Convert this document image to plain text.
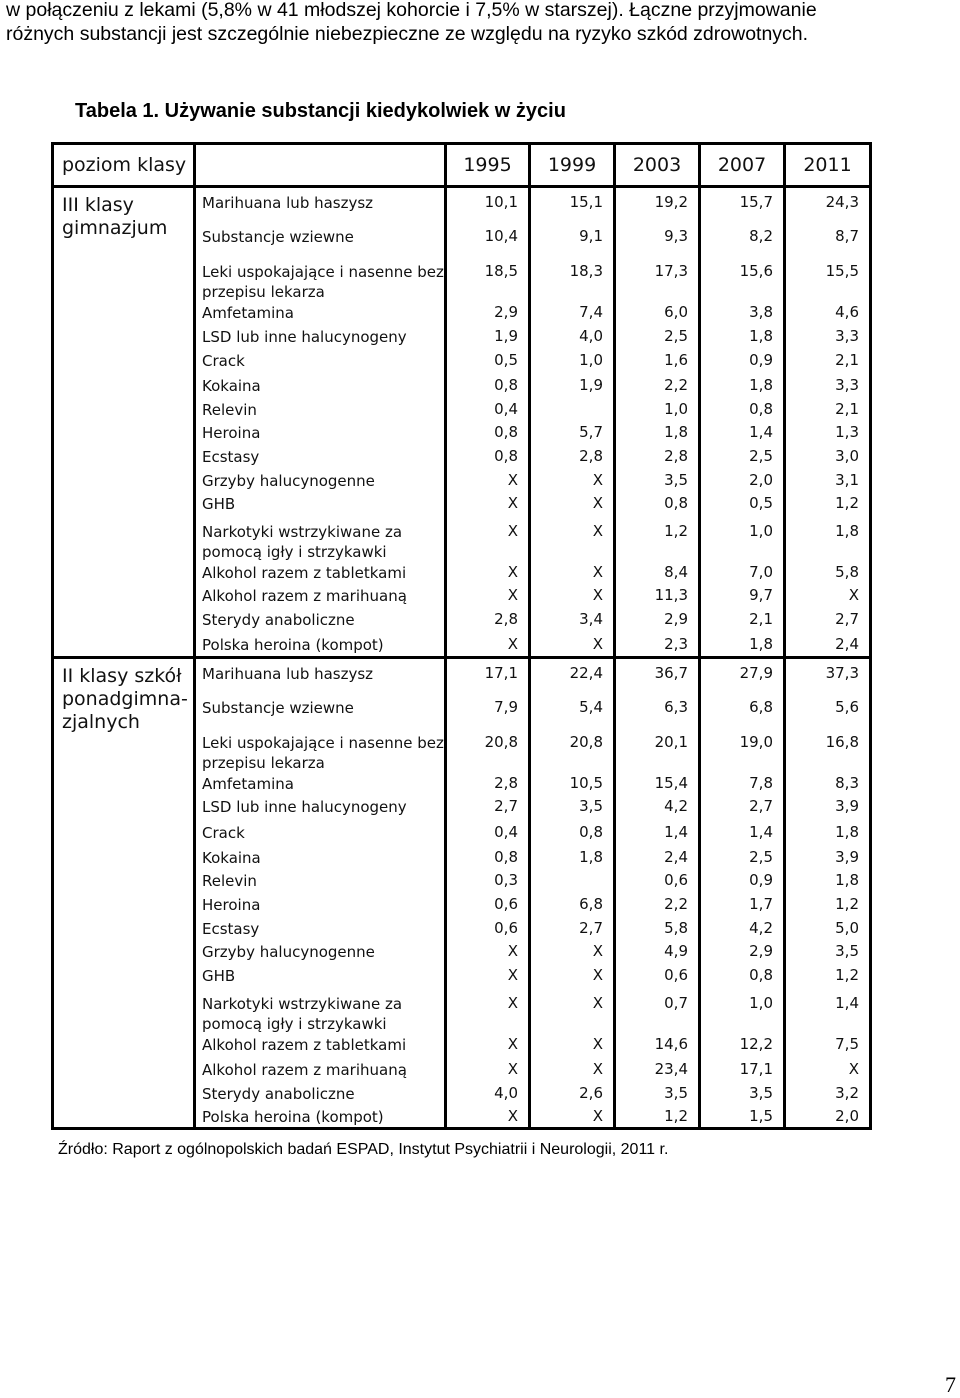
w połączeniu z lekami (5,8% w 41 młodszej kohorcie i 7,5% w starszej). Łączne przyjmowanie

różnych substancji jest szczególnie niebezpieczne ze względu na ryzyko szkód zdrowotnych.

Tabela 1. Używanie substancji kiedykolwiek w życiu
poziom klasy		1995	1999	2003	2007	2011
III klasy gimnazjum	Marihuana lub haszysz	10,1	15,1	19,2	15,7	24,3
	Substancje wziewne	10,4	9,1	9,3	8,2	8,7
	Leki uspokajające i nasenne bez przepisu lekarza	18,5	18,3	17,3	15,6	15,5
	Amfetamina	2,9	7,4	6,0	3,8	4,6
	LSD lub inne halucynogeny	1,9	4,0	2,5	1,8	3,3
	Crack	0,5	1,0	1,6	0,9	2,1
	Kokaina	0,8	1,9	2,2	1,8	3,3
	Relevin	0,4		1,0	0,8	2,1
	Heroina	0,8	5,7	1,8	1,4	1,3
	Ecstasy	0,8	2,8	2,8	2,5	3,0
	Grzyby halucynogenne	X	X	3,5	2,0	3,1
	GHB	X	X	0,8	0,5	1,2
	Narkotyki wstrzykiwane za pomocą igły i strzykawki	X	X	1,2	1,0	1,8
	Alkohol razem z tabletkami	X	X	8,4	7,0	5,8
	Alkohol razem z marihuaną	X	X	11,3	9,7	X
	Sterydy anaboliczne	2,8	3,4	2,9	2,1	2,7
	Polska heroina (kompot)	X	X	2,3	1,8	2,4
II klasy szkół ponadgimna-zjalnych	Marihuana lub haszysz	17,1	22,4	36,7	27,9	37,3
	Substancje wziewne	7,9	5,4	6,3	6,8	5,6
	Leki uspokajające i nasenne bez przepisu lekarza	20,8	20,8	20,1	19,0	16,8
	Amfetamina	2,8	10,5	15,4	7,8	8,3
	LSD lub inne halucynogeny	2,7	3,5	4,2	2,7	3,9
	Crack	0,4	0,8	1,4	1,4	1,8
	Kokaina	0,8	1,8	2,4	2,5	3,9
	Relevin	0,3		0,6	0,9	1,8
	Heroina	0,6	6,8	2,2	1,7	1,2
	Ecstasy	0,6	2,7	5,8	4,2	5,0
	Grzyby halucynogenne	X	X	4,9	2,9	3,5
	GHB	X	X	0,6	0,8	1,2
	Narkotyki wstrzykiwane za pomocą igły i strzykawki	X	X	0,7	1,0	1,4
	Alkohol razem z tabletkami	X	X	14,6	12,2	7,5
	Alkohol razem z marihuaną	X	X	23,4	17,1	X
	Sterydy anaboliczne	4,0	2,6	3,5	3,5	3,2
	Polska heroina (kompot)	X	X	1,2	1,5	2,0
Źródło: Raport z ogólnopolskich badań ESPAD, Instytut Psychiatrii i Neurologii, 2011 r.
7
